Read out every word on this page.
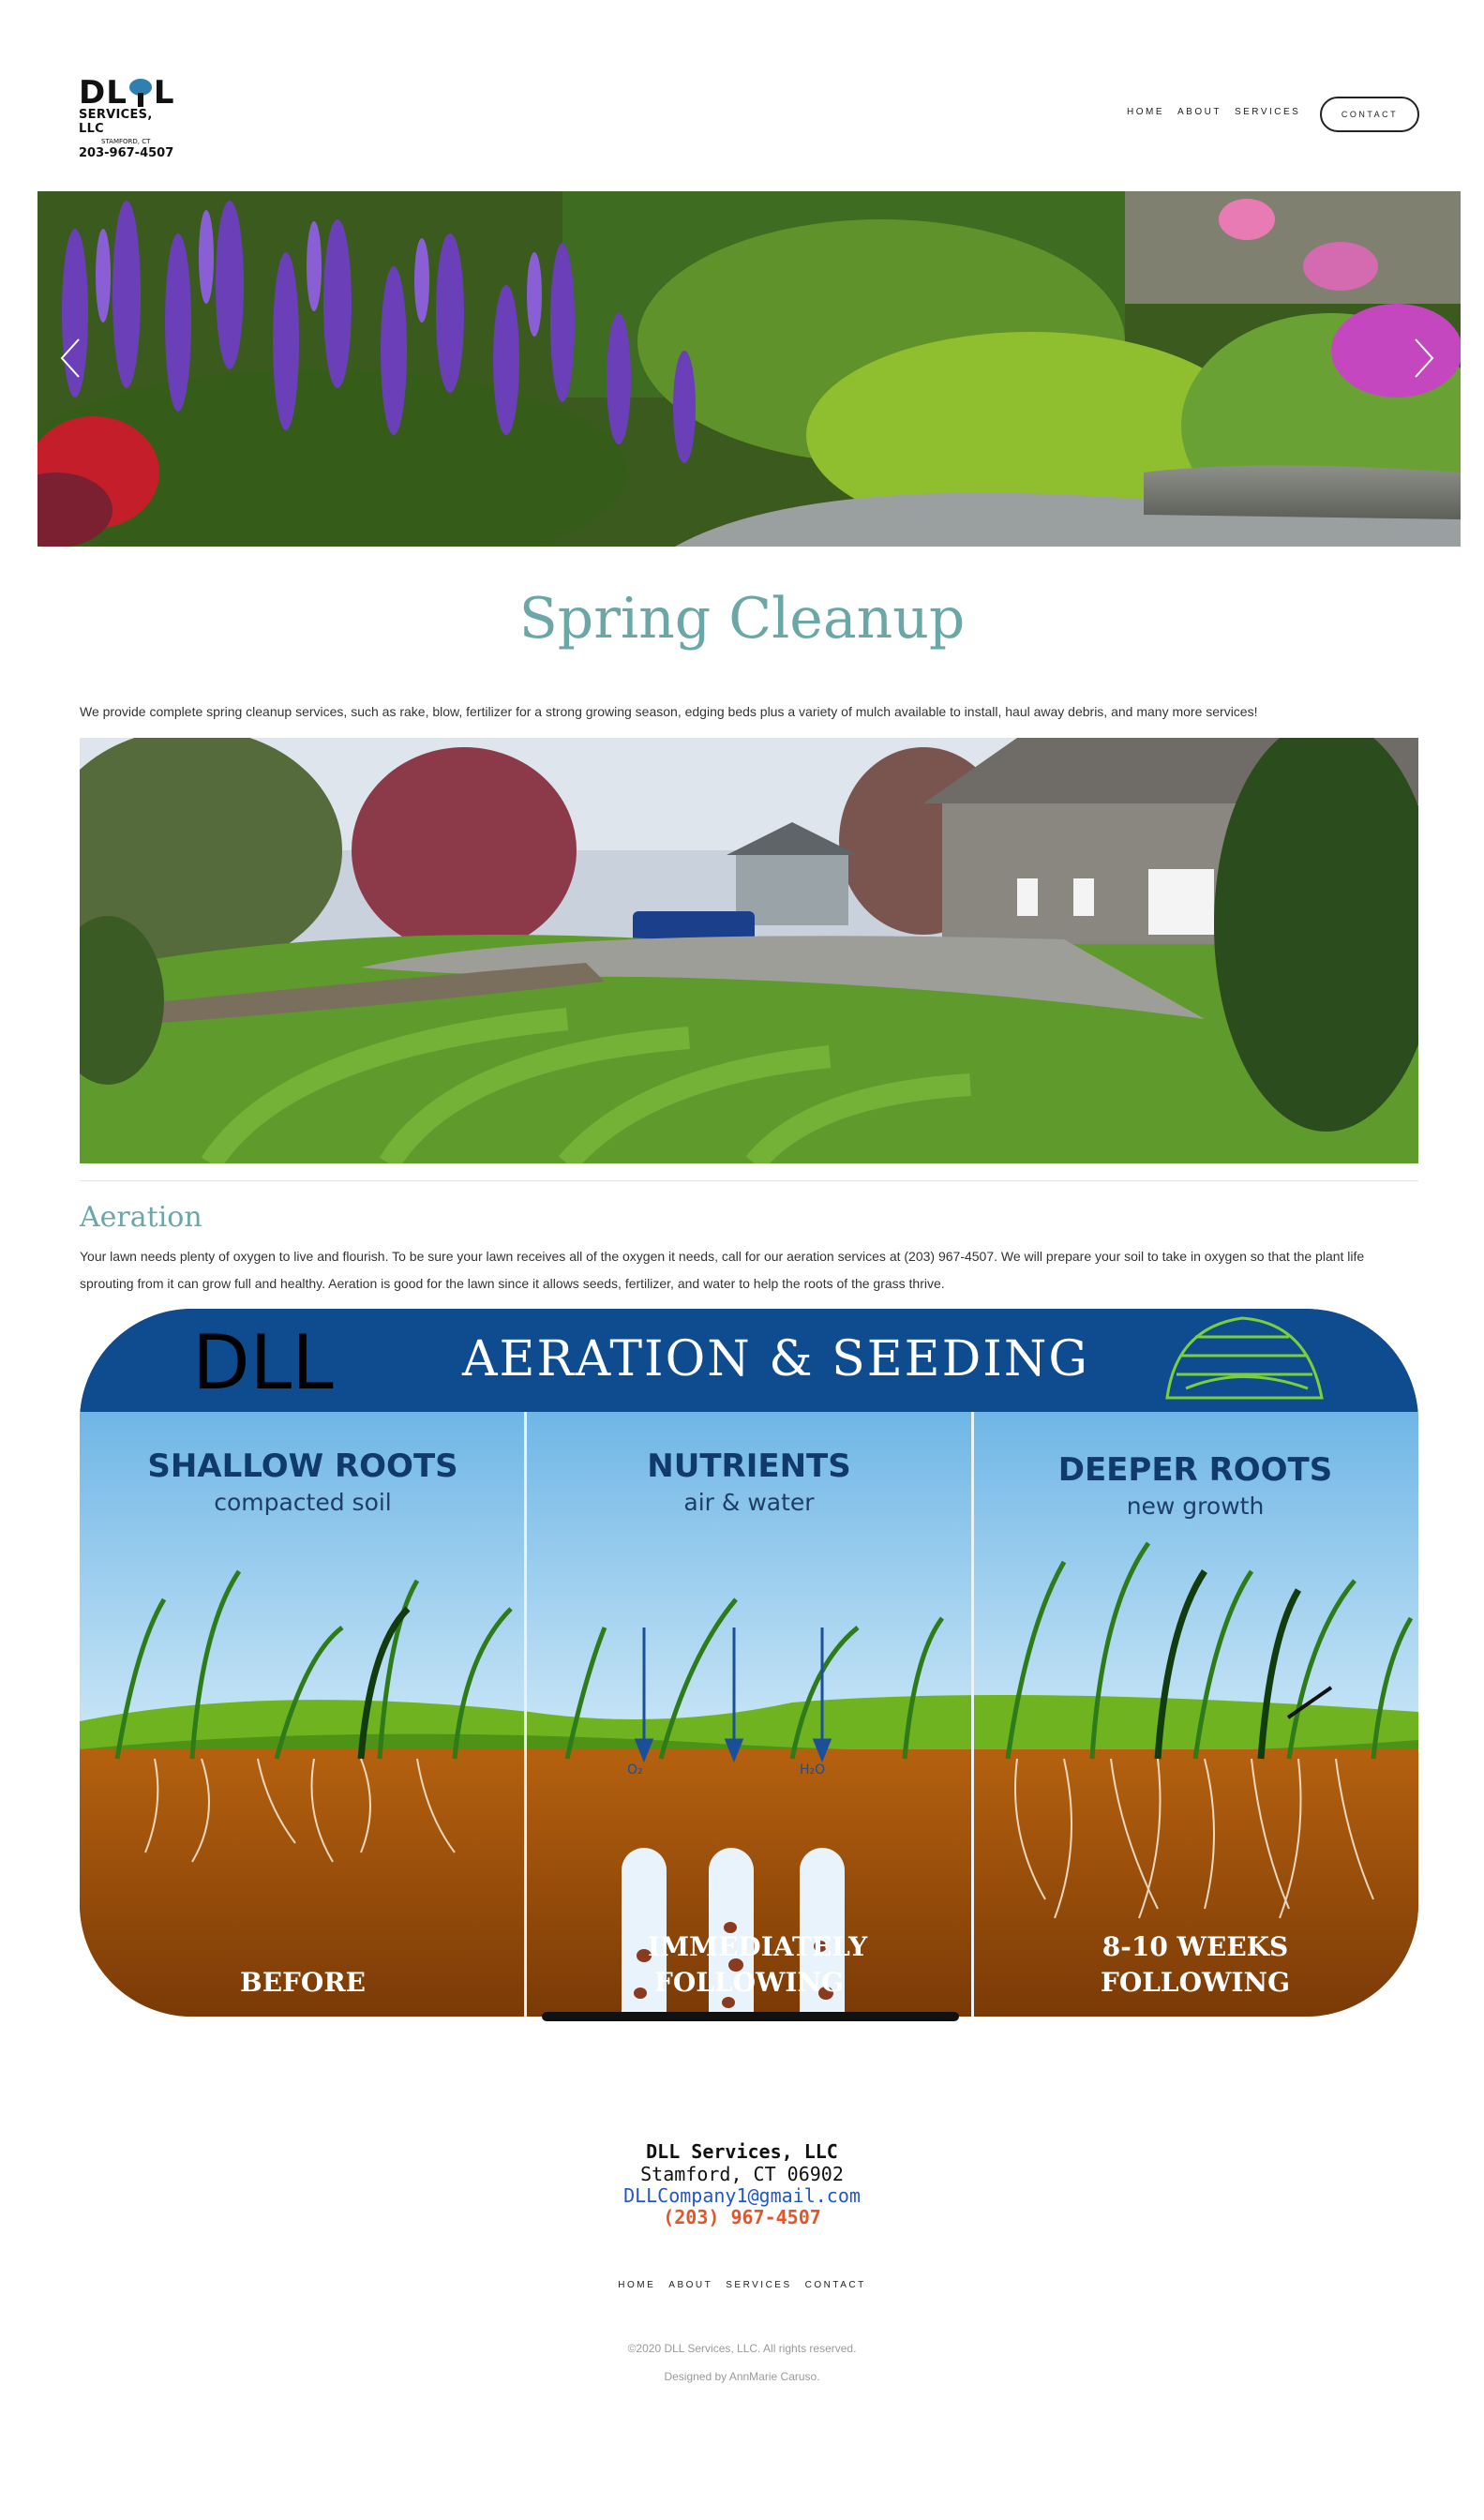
DL L
SERVICES, LLC
STAMFORD, CT
203-967-4507
HOME ABOUT SERVICES	CONTACT
Spring Cleanup

We provide complete spring cleanup services, such as rake, blow, fertilizer for a strong growing season, edging beds plus a variety of mulch available to install, haul away debris, and many more services!

Aeration

Your lawn needs plenty of oxygen to live and flourish. To be sure your lawn receives all of the oxygen it needs, call for our aeration services at (203) 967-4507. We will prepare your soil to take in oxygen so that the plant life sprouting from it can grow full and healthy. Aeration is good for the lawn since it allows seeds, fertilizer, and water to help the roots of the grass thrive.

O₂	H₂O
DLL	AERATION & SEEDING
SHALLOW ROOTS
compacted soil
NUTRIENTS
air & water
DEEPER ROOTS
new growth
BEFORE
IMMEDIATELY FOLLOWING
8-10 WEEKS FOLLOWING
DLL Services, LLC
Stamford, CT 06902
DLLCompany1@gmail.com
(203) 967-4507
HOME ABOUT SERVICES CONTACT
©2020 DLL Services, LLC. All rights reserved.
Designed by AnnMarie Caruso.
